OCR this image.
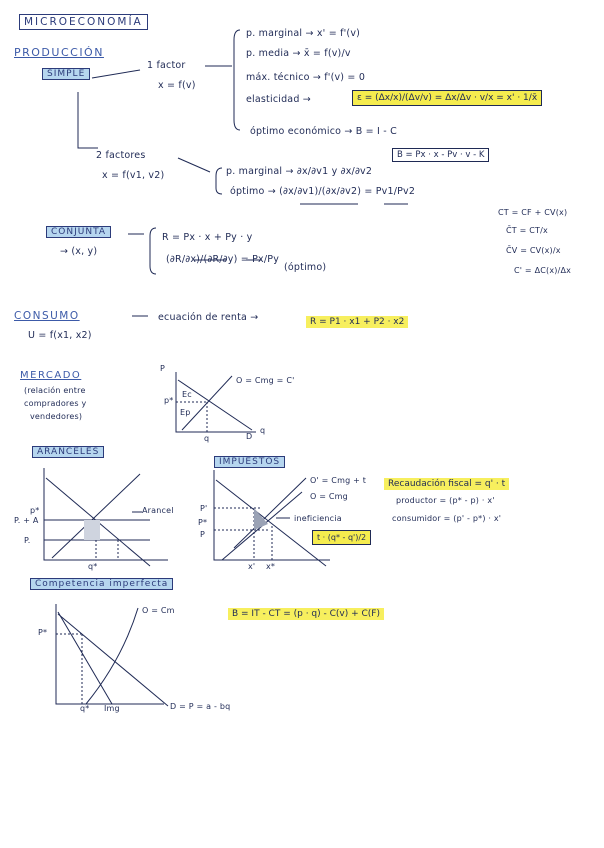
MICROECONOMÍA
PRODUCCIÓN
SIMPLE
1 factor
x = f(v)
p. marginal → x' = f'(v)
p. media → x̄ = f(v)/v
máx. técnico → f'(v) = 0
elasticidad →	ε = (Δx/x)/(Δv/v) = Δx/Δv · v/x = x' · 1/x̄
óptimo económico → B = I - C
B = Px · x - Pv · v - K
2 factores
x = f(v1, v2)	p. marginal → ∂x/∂v1 y ∂x/∂v2
óptimo → (∂x/∂v1)/(∂x/∂v2) = Pv1/Pv2
CT = CF + CV(x)
C̄T = CT/x
C̄V = CV(x)/x
C' = ΔC(x)/Δx
CONJUNTA
→ (x, y)
R = Px · x + Py · y
(∂R/∂x)/(∂R/∂y) = Px/Py
(óptimo)
CONSUMO
U = f(x1, x2)
ecuación de renta →	R = P1 · x1 + P2 · x2
MERCADO
(relación entre
compradores y
vendedores)
P
q
p*
q
Ec
Ep
O = Cmg = C'
D
ARANCELES
p*
P. + A
P.
q*
Arancel
IMPUESTOS
O' = Cmg + t
O = Cmg
P'
P
P*
x' x*
ineficiencia
t · (q* - q')/2
Recaudación fiscal = q' · t
productor = (p* - p) · x'
consumidor = (p' - p*) · x'
Competencia imperfecta
O = Cm
D = P = a - bq
P*
q* Img
B = IT - CT = (p · q) - C(v) + C(F)
